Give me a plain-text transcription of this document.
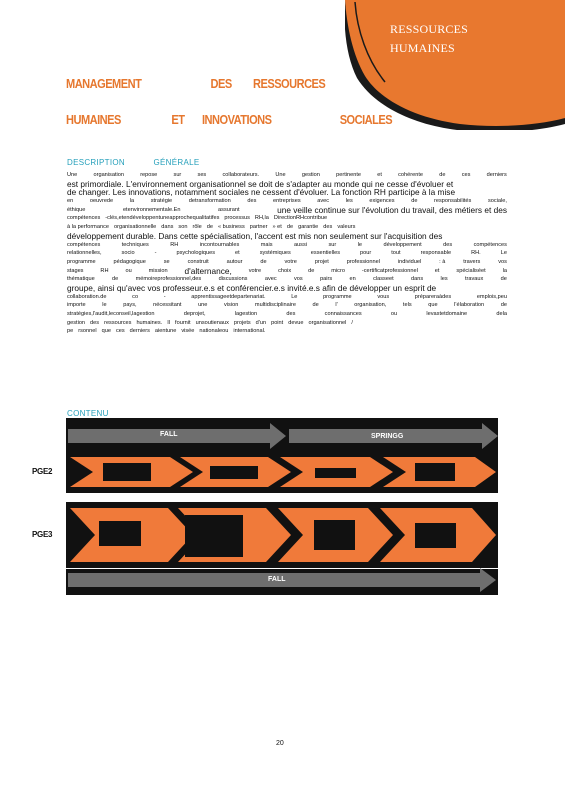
RESSOURCES
HUMAINES
MANAGEMENT	DES RESSOURCES
HUMAINES	ET INNOVATIONS	SOCIALES
DESCRIPTION	GÉNÉRALE
Une	organisation	repose	sur	ses	collaborateurs.	Une	gestion	pertinente	et	cohérente	de	ces	derniers
est primordiale. L'environnement organisationnel se doit de s'adapter au monde qui ne cesse d'évoluer et
de changer. Les innovations, notamment sociales ne cessent d'évoluer. La fonction RH participe à la mise
en	oeuvrede	la	stratégie	detransformation	des	entreprises	avec	les	exigences	de	responsabilités	sociale,
éthique	etenvironnementale.En	assurant	une veille continue sur l'évolution du travail, des métiers et des
compétences -clés,etendéveloppentuneapprochequalitatifes processus RH,la DirectionRHcontribue
à la performance organisationnelle dans son rôle de « business partner » et de garantie des valeurs
développement durable. Dans cette spécialisation, l'accent est mis non seulement sur l'acquisition des
compétences	techniques	RH	incontournables	mais	aussi	sur	le	développement	des	compétences
relationnelles,	socio	-	psychologiques	et	systémiques	essentielles	pour	tout	responsable	RH.	Le
programme	pédagogique	se	construit	autour	de	votre	projet	professionnel	individuel	: à	travers	vos
stages	RH	ou	mission d'alternance,	votre	choix	de	micro	-certificatprofessionnel	et	spécialiséet	la
thématique	de	mémoireprofessionnel,des	discussions	avec	vos	pairs	en	classeet	dans	les	travaux	de
groupe, ainsi qu'avec vos professeur.e.s et conférencier.e.s invité.e.s afin de développer un esprit de
collaboration.de	co	-	apprentissageetdepartenariat.	Le	programme	vous	prépareraàdes	emplois,peu
importe	le	pays,	nécessitant	une	vision	multidisciplinaire	de	l'	organisation,	tels	que	l'élaboration	de
stratégies,l'audit,leconseil,lagestion	deprojet,	lagestion	des	connaissances	ou	levastetdomaine	dela
gestion des ressources humaines. Il fournit unsoutienaux projets d'un point devue organisationnel /
pe rsonnel que ces derniers aientune visée nationaleou international.
CONTENU
FALL	SPRINGG
FALL
PGE2
PGE3
20
